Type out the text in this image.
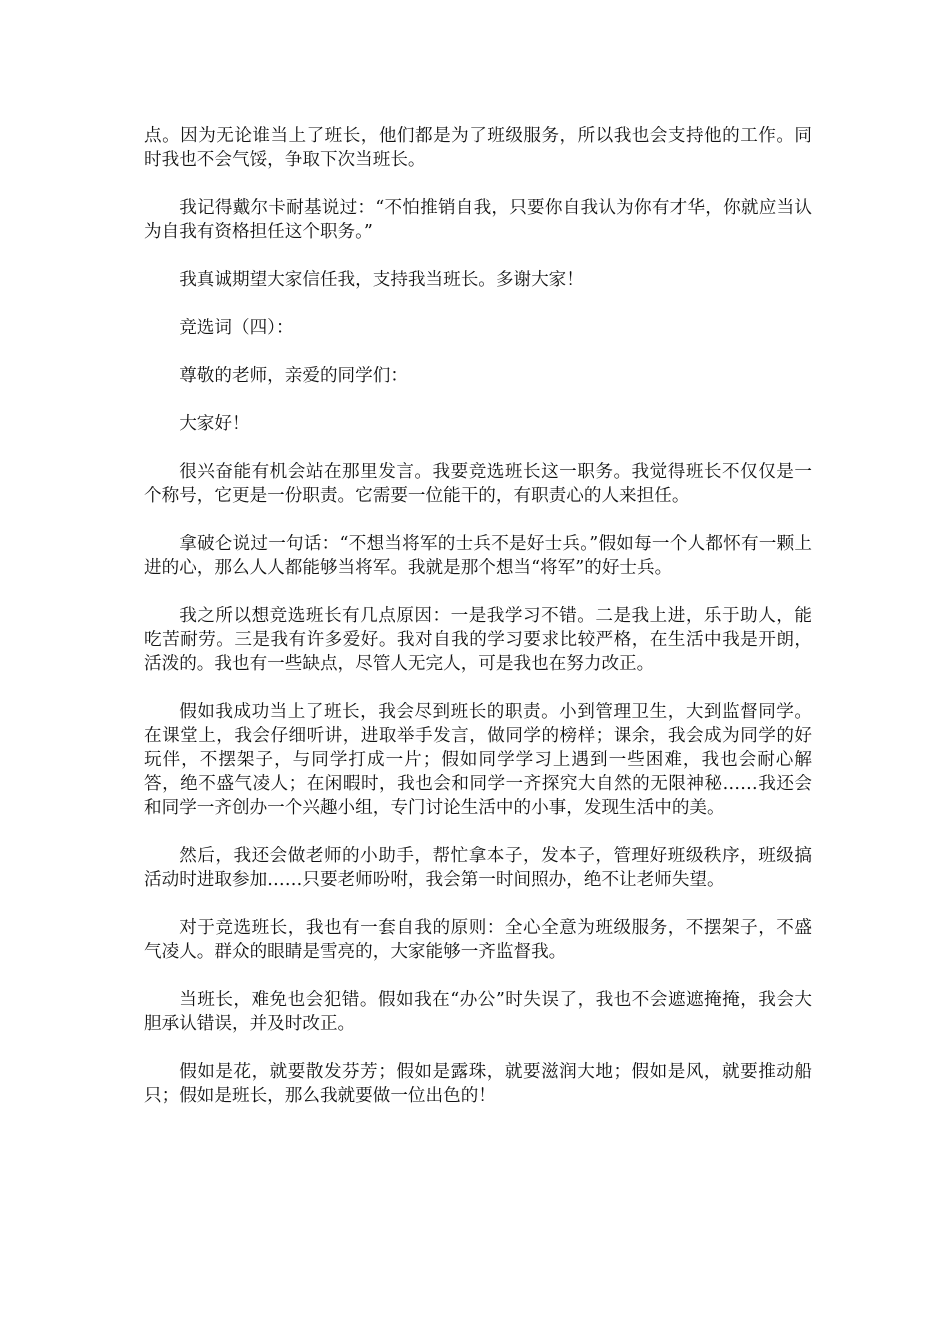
点。因为无论谁当上了班长，他们都是为了班级服务，所以我也会支持他的工作。同时我也不会气馁，争取下次当班长。

我记得戴尔卡耐基说过：“不怕推销自我，只要你自我认为你有才华，你就应当认为自我有资格担任这个职务。”

我真诚期望大家信任我，支持我当班长。多谢大家！

竞选词（四）：

尊敬的老师，亲爱的同学们：

大家好！

很兴奋能有机会站在那里发言。我要竞选班长这一职务。我觉得班长不仅仅是一个称号，它更是一份职责。它需要一位能干的，有职责心的人来担任。

拿破仑说过一句话：“不想当将军的士兵不是好士兵。”假如每一个人都怀有一颗上进的心，那么人人都能够当将军。我就是那个想当“将军”的好士兵。

我之所以想竞选班长有几点原因：一是我学习不错。二是我上进，乐于助人，能吃苦耐劳。三是我有许多爱好。我对自我的学习要求比较严格，在生活中我是开朗，活泼的。我也有一些缺点，尽管人无完人，可是我也在努力改正。

假如我成功当上了班长，我会尽到班长的职责。小到管理卫生，大到监督同学。在课堂上，我会仔细听讲，进取举手发言，做同学的榜样；课余，我会成为同学的好玩伴，不摆架子，与同学打成一片；假如同学学习上遇到一些困难，我也会耐心解答，绝不盛气凌人；在闲暇时，我也会和同学一齐探究大自然的无限神秘……我还会和同学一齐创办一个兴趣小组，专门讨论生活中的小事，发现生活中的美。

然后，我还会做老师的小助手，帮忙拿本子，发本子，管理好班级秩序，班级搞活动时进取参加……只要老师吩咐，我会第一时间照办，绝不让老师失望。

对于竞选班长，我也有一套自我的原则：全心全意为班级服务，不摆架子，不盛气凌人。群众的眼睛是雪亮的，大家能够一齐监督我。

当班长，难免也会犯错。假如我在“办公”时失误了，我也不会遮遮掩掩，我会大胆承认错误，并及时改正。

假如是花，就要散发芬芳；假如是露珠，就要滋润大地；假如是风，就要推动船只；假如是班长，那么我就要做一位出色的！
